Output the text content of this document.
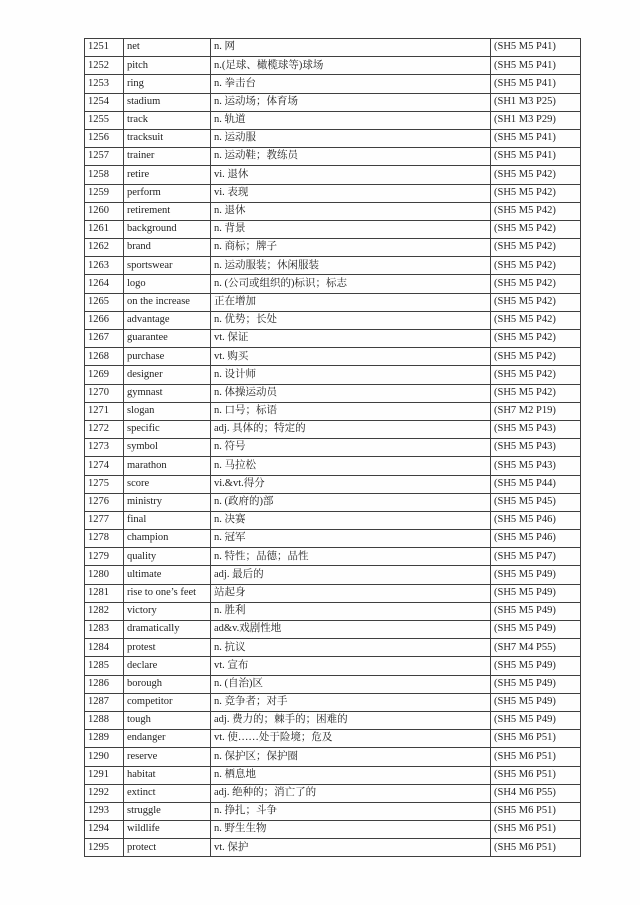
1251	net	n. 网	(SH5 M5 P41)
1252	pitch	n.(足球、橄榄球等)球场	(SH5 M5 P41)
1253	ring	n. 拳击台	(SH5 M5 P41)
1254	stadium	n. 运动场；体育场	(SH1 M3 P25)
1255	track	n. 轨道	(SH1 M3 P29)
1256	tracksuit	n. 运动服	(SH5 M5 P41)
1257	trainer	n. 运动鞋；教练员	(SH5 M5 P41)
1258	retire	vi. 退休	(SH5 M5 P42)
1259	perform	vi. 表现	(SH5 M5 P42)
1260	retirement	n. 退休	(SH5 M5 P42)
1261	background	n. 背景	(SH5 M5 P42)
1262	brand	n. 商标；牌子	(SH5 M5 P42)
1263	sportswear	n. 运动服装；休闲服装	(SH5 M5 P42)
1264	logo	n. (公司或组织的)标识；标志	(SH5 M5 P42)
1265	on the increase	正在增加	(SH5 M5 P42)
1266	advantage	n. 优势；长处	(SH5 M5 P42)
1267	guarantee	vt. 保证	(SH5 M5 P42)
1268	purchase	vt. 购买	(SH5 M5 P42)
1269	designer	n. 设计师	(SH5 M5 P42)
1270	gymnast	n. 体操运动员	(SH5 M5 P42)
1271	slogan	n. 口号；标语	(SH7 M2 P19)
1272	specific	adj. 具体的；特定的	(SH5 M5 P43)
1273	symbol	n. 符号	(SH5 M5 P43)
1274	marathon	n. 马拉松	(SH5 M5 P43)
1275	score	vi.&vt.得分	(SH5 M5 P44)
1276	ministry	n. (政府的)部	(SH5 M5 P45)
1277	final	n. 决赛	(SH5 M5 P46)
1278	champion	n. 冠军	(SH5 M5 P46)
1279	quality	n. 特性；品德；品性	(SH5 M5 P47)
1280	ultimate	adj. 最后的	(SH5 M5 P49)
1281	rise to one’s feet	站起身	(SH5 M5 P49)
1282	victory	n. 胜利	(SH5 M5 P49)
1283	dramatically	ad&v.戏剧性地	(SH5 M5 P49)
1284	protest	n. 抗议	(SH7 M4 P55)
1285	declare	vt. 宣布	(SH5 M5 P49)
1286	borough	n. (自治)区	(SH5 M5 P49)
1287	competitor	n. 竞争者；对手	(SH5 M5 P49)
1288	tough	adj. 费力的；棘手的；困难的	(SH5 M5 P49)
1289	endanger	vt. 使……处于险境；危及	(SH5 M6 P51)
1290	reserve	n. 保护区；保护圈	(SH5 M6 P51)
1291	habitat	n. 栖息地	(SH5 M6 P51)
1292	extinct	adj. 绝种的；消亡了的	(SH4 M6 P55)
1293	struggle	n. 挣扎；斗争	(SH5 M6 P51)
1294	wildlife	n. 野生生物	(SH5 M6 P51)
1295	protect	vt. 保护	(SH5 M6 P51)
